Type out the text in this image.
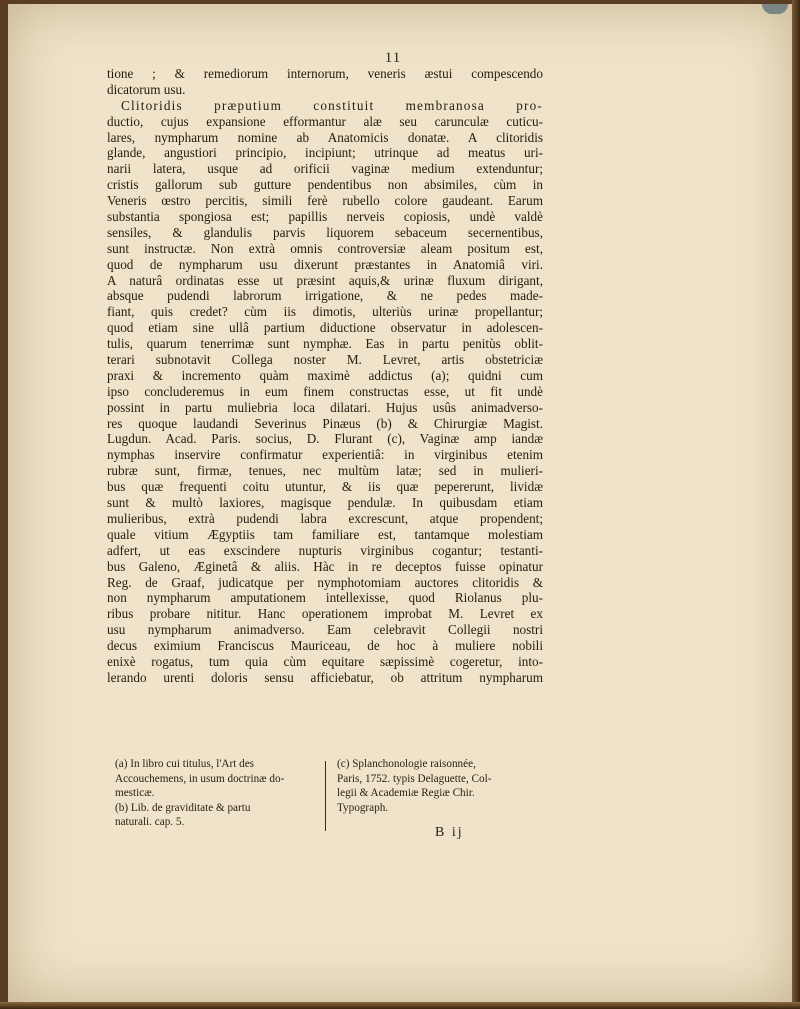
11
tione ; & remediorum internorum, veneris æstui compescendo
dicatorum usu.
Clitoridis præputium constituit membranosa pro-
ductio, cujus expansione efformantur alæ seu carunculæ cuticu-
lares, nympharum nomine ab Anatomicis donatæ. A clitoridis
glande, angustiori principio, incipiunt; utrinque ad meatus uri-
narii latera, usque ad orificii vaginæ medium extenduntur;
cristis gallorum sub gutture pendentibus non absimiles, cùm in
Veneris œstro percitis, simili ferè rubello colore gaudeant. Earum
substantia spongiosa est; papillis nerveis copiosis, undè valdè
sensiles, & glandulis parvis liquorem sebaceum secernentibus,
sunt instructæ. Non extrà omnis controversiæ aleam positum est,
quod de nympharum usu dixerunt præstantes in Anatomiâ viri.
A naturâ ordinatas esse ut præsint aquis,& urinæ fluxum dirigant,
absque pudendi labrorum irrigatione, & ne pedes made-
fiant, quis credet? cùm iis dimotis, ulteriùs urinæ propellantur;
quod etiam sine ullâ partium diductione observatur in adolescen-
tulis, quarum tenerrimæ sunt nymphæ. Eas in partu penitùs oblit-
terari subnotavit Collega noster M. Levret, artis obstetriciæ
praxi & incremento quàm maximè addictus (a); quidni cum
ipso concluderemus in eum finem constructas esse, ut fit undè
possint in partu muliebria loca dilatari. Hujus usûs animadverso-
res quoque laudandi Severinus Pinæus (b) & Chirurgiæ Magist.
Lugdun. Acad. Paris. socius, D. Flurant (c), Vaginæ amp iandæ
nymphas inservire confirmatur experientiâ: in virginibus etenim
rubræ sunt, firmæ, tenues, nec multùm latæ; sed in mulieri-
bus quæ frequenti coitu utuntur, & iis quæ pepererunt, lividæ
sunt & multò laxiores, magisque pendulæ. In quibusdam etiam
mulieribus, extrà pudendi labra excrescunt, atque propendent;
quale vitium Ægyptiis tam familiare est, tantamque molestiam
adfert, ut eas exscindere nupturis virginibus cogantur; testanti-
bus Galeno, Æginetâ & aliis. Hàc in re deceptos fuisse opinatur
Reg. de Graaf, judicatque per nymphotomiam auctores clitoridis &
non nympharum amputationem intellexisse, quod Riolanus plu-
ribus probare nititur. Hanc operationem improbat M. Levret ex
usu nympharum animadverso. Eam celebravit Collegii nostri
decus eximium Franciscus Mauriceau, de hoc à muliere nobili
enixè rogatus, tum quia cùm equitare sæpissimè cogeretur, into-
lerando urenti doloris sensu afficiebatur, ob attritum nympharum
(a) In libro cui titulus, l'Art des
Accouchemens, in usum doctrinæ do-
mesticæ.
(b) Lib. de graviditate & partu
naturali. cap. 5.
(c) Splanchonologie raisonnée,
Paris, 1752. typis Delaguette, Col-
legii & Academiæ Regiæ Chir.
Typograph.
B ij
